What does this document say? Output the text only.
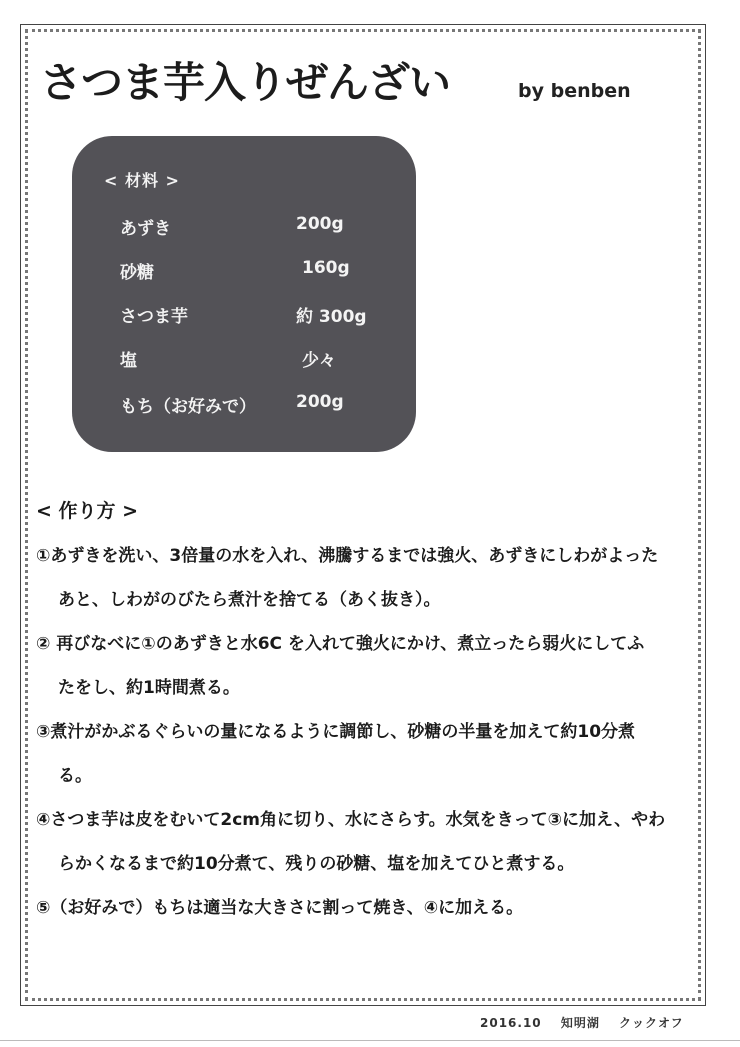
さつま芋入りぜんざい	by benben
< 材料 >
あずき	200g
砂糖	160g
さつま芋	約 300g
塩	少々
もち（お好みで） 200g
< 作り方 >
①あずきを洗い、3倍量の水を入れ、沸騰するまでは強火、あずきにしわがよった
あと、しわがのびたら煮汁を捨てる（あく抜き）。
② 再びなべに①のあずきと水6C を入れて強火にかけ、煮立ったら弱火にしてふ
たをし、約1時間煮る。
③煮汁がかぶるぐらいの量になるように調節し、砂糖の半量を加えて約10分煮
る。
④さつま芋は皮をむいて2cm角に切り、水にさらす。水気をきって③に加え、やわ
らかくなるまで約10分煮て、残りの砂糖、塩を加えてひと煮する。
⑤（お好みで）もちは適当な大きさに割って焼き、④に加える。
2016.10 知明湖 クックオフ
